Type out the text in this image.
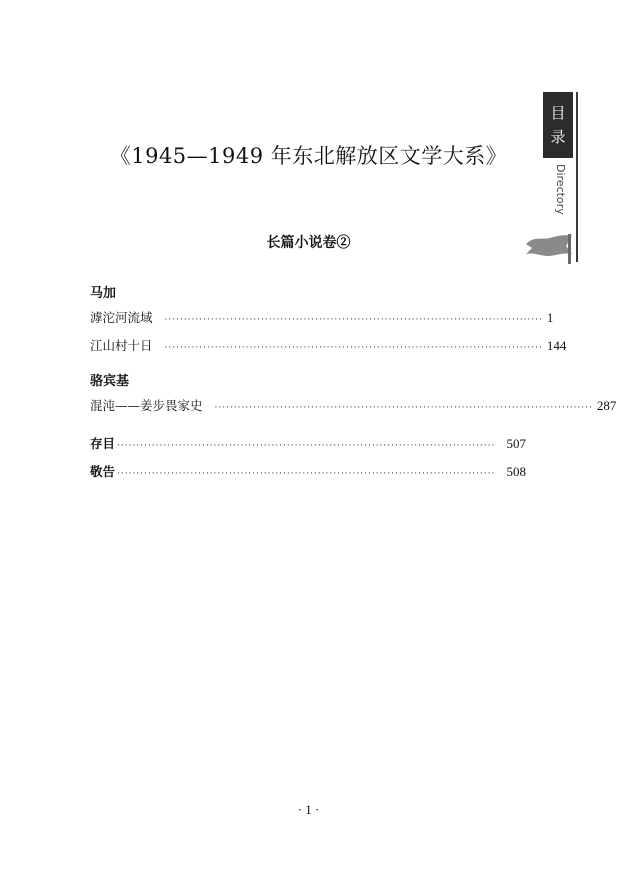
《1945—1949 年东北解放区文学大系》
目
录
Directory
长篇小说卷②
马加
滹沱河流域 ·································································································· 1
江山村十日 ·································································································· 144
骆宾基
混沌——姜步畏家史 ·································································································· 287
存目 ·································································································· 507
敬告 ·································································································· 508
· 1 ·
